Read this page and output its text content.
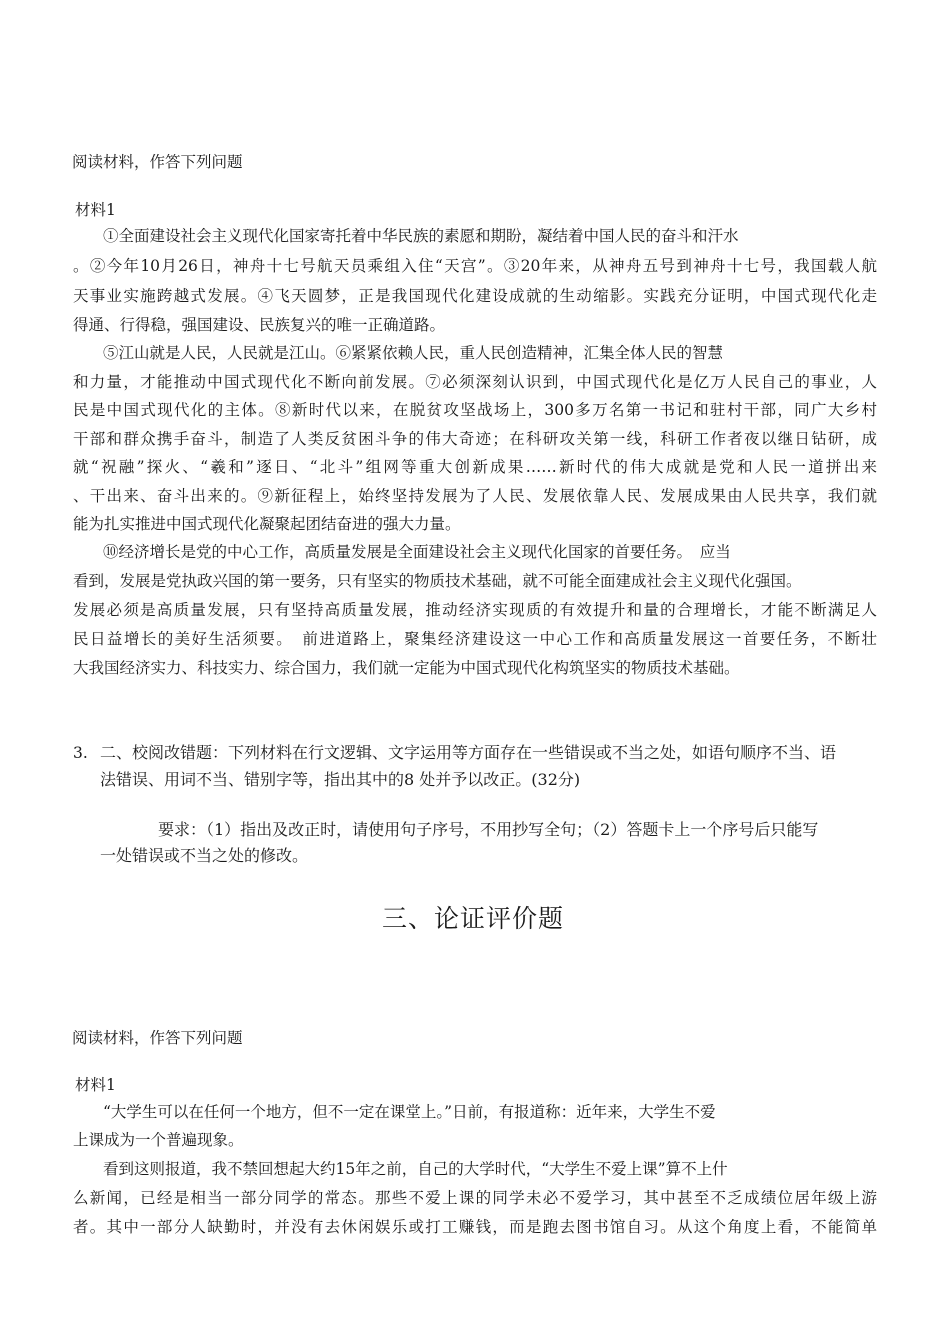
阅读材料，作答下列问题
材料1
①全面建设社会主义现代化国家寄托着中华民族的素愿和期盼，凝结着中国人民的奋斗和汗水
。②今年10月26日，神舟十七号航天员乘组入住“天宫”。③20年来，从神舟五号到神舟十七号，我国载人航
天事业实施跨越式发展。④飞天圆梦，正是我国现代化建设成就的生动缩影。实践充分证明，中国式现代化走
得通、行得稳，强国建设、民族复兴的唯一正确道路。
⑤江山就是人民，人民就是江山。⑥紧紧依赖人民，重人民创造精神，汇集全体人民的智慧
和力量，才能推动中国式现代化不断向前发展。⑦必须深刻认识到，中国式现代化是亿万人民自己的事业，人
民是中国式现代化的主体。⑧新时代以来，在脱贫攻坚战场上，300多万名第一书记和驻村干部，同广大乡村
干部和群众携手奋斗，制造了人类反贫困斗争的伟大奇迹；在科研攻关第一线，科研工作者夜以继日钻研，成
就“祝融”探火、“羲和”逐日、“北斗”组网等重大创新成果……新时代的伟大成就是党和人民一道拼出来
、干出来、奋斗出来的。⑨新征程上，始终坚持发展为了人民、发展依靠人民、发展成果由人民共享，我们就
能为扎实推进中国式现代化凝聚起团结奋进的强大力量。
⑩经济增长是党的中心工作，高质量发展是全面建设社会主义现代化国家的首要任务。　应当
看到，发展是党执政兴国的第一要务，只有坚实的物质技术基础，就不可能全面建成社会主义现代化强国。
发展必须是高质量发展，只有坚持高质量发展，推动经济实现质的有效提升和量的合理增长，才能不断满足人
民日益增长的美好生活须要。　前进道路上，聚集经济建设这一中心工作和高质量发展这一首要任务，不断壮
大我国经济实力、科技实力、综合国力，我们就一定能为中国式现代化构筑坚实的物质技术基础。
3. 二、校阅改错题：下列材料在行文逻辑、文字运用等方面存在一些错误或不当之处，如语句顺序不当、语
法错误、用词不当、错别字等，指出其中的8 处并予以改正。(32分)
要求：（1）指出及改正时，请使用句子序号，不用抄写全句；（2）答题卡上一个序号后只能写
一处错误或不当之处的修改。
三、论证评价题
阅读材料，作答下列问题
材料1
“大学生可以在任何一个地方，但不一定在课堂上。”日前，有报道称：近年来，大学生不爱
上课成为一个普遍现象。
看到这则报道，我不禁回想起大约15年之前，自己的大学时代，“大学生不爱上课”算不上什
么新闻，已经是相当一部分同学的常态。那些不爱上课的同学未必不爱学习，其中甚至不乏成绩位居年级上游
者。其中一部分人缺勤时，并没有去休闲娱乐或打工赚钱，而是跑去图书馆自习。从这个角度上看，不能简单
